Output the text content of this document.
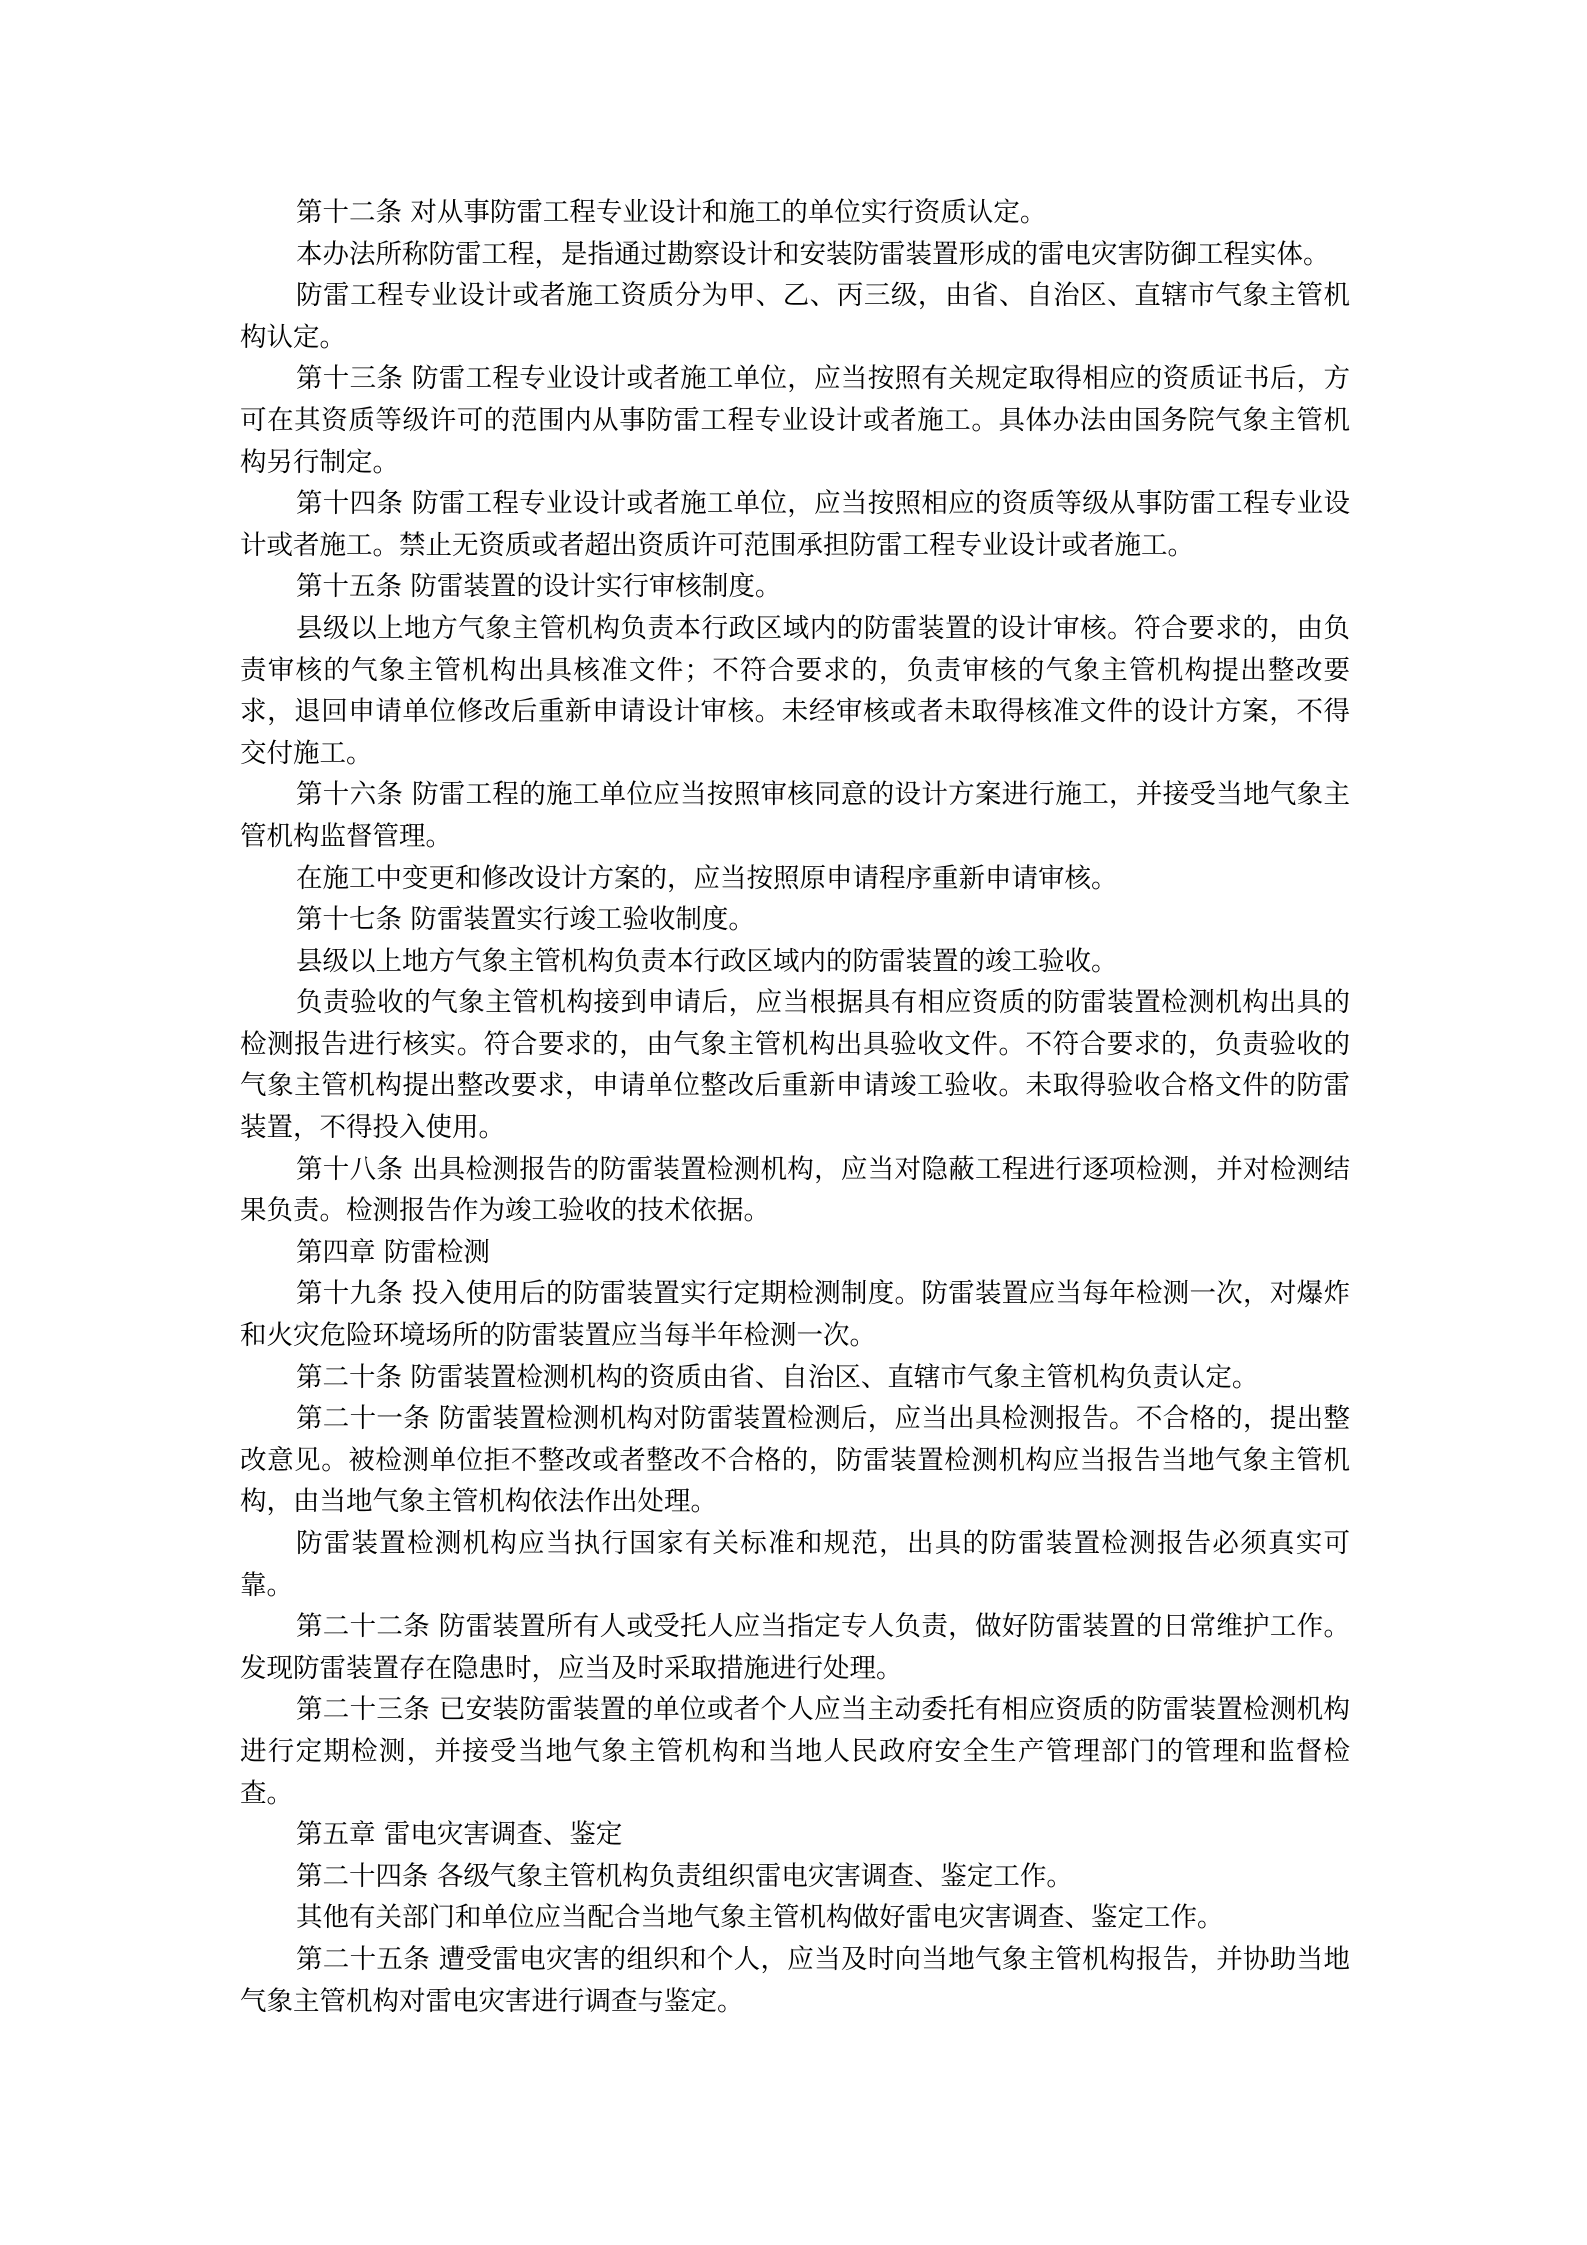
第十二条 对从事防雷工程专业设计和施工的单位实行资质认定。

本办法所称防雷工程，是指通过勘察设计和安装防雷装置形成的雷电灾害防御工程实体。

防雷工程专业设计或者施工资质分为甲、乙、丙三级，由省、自治区、直辖市气象主管机构认定。

第十三条 防雷工程专业设计或者施工单位，应当按照有关规定取得相应的资质证书后，方可在其资质等级许可的范围内从事防雷工程专业设计或者施工。具体办法由国务院气象主管机构另行制定。

第十四条 防雷工程专业设计或者施工单位，应当按照相应的资质等级从事防雷工程专业设计或者施工。禁止无资质或者超出资质许可范围承担防雷工程专业设计或者施工。

第十五条 防雷装置的设计实行审核制度。

县级以上地方气象主管机构负责本行政区域内的防雷装置的设计审核。符合要求的，由负责审核的气象主管机构出具核准文件；不符合要求的，负责审核的气象主管机构提出整改要求，退回申请单位修改后重新申请设计审核。未经审核或者未取得核准文件的设计方案，不得交付施工。

第十六条 防雷工程的施工单位应当按照审核同意的设计方案进行施工，并接受当地气象主管机构监督管理。

在施工中变更和修改设计方案的，应当按照原申请程序重新申请审核。

第十七条 防雷装置实行竣工验收制度。

县级以上地方气象主管机构负责本行政区域内的防雷装置的竣工验收。

负责验收的气象主管机构接到申请后，应当根据具有相应资质的防雷装置检测机构出具的检测报告进行核实。符合要求的，由气象主管机构出具验收文件。不符合要求的，负责验收的气象主管机构提出整改要求，申请单位整改后重新申请竣工验收。未取得验收合格文件的防雷装置，不得投入使用。

第十八条 出具检测报告的防雷装置检测机构，应当对隐蔽工程进行逐项检测，并对检测结果负责。检测报告作为竣工验收的技术依据。

第四章 防雷检测

第十九条 投入使用后的防雷装置实行定期检测制度。防雷装置应当每年检测一次，对爆炸和火灾危险环境场所的防雷装置应当每半年检测一次。

第二十条 防雷装置检测机构的资质由省、自治区、直辖市气象主管机构负责认定。

第二十一条 防雷装置检测机构对防雷装置检测后，应当出具检测报告。不合格的，提出整改意见。被检测单位拒不整改或者整改不合格的，防雷装置检测机构应当报告当地气象主管机构，由当地气象主管机构依法作出处理。

防雷装置检测机构应当执行国家有关标准和规范，出具的防雷装置检测报告必须真实可靠。

第二十二条 防雷装置所有人或受托人应当指定专人负责，做好防雷装置的日常维护工作。发现防雷装置存在隐患时，应当及时采取措施进行处理。

第二十三条 已安装防雷装置的单位或者个人应当主动委托有相应资质的防雷装置检测机构进行定期检测，并接受当地气象主管机构和当地人民政府安全生产管理部门的管理和监督检查。

第五章 雷电灾害调查、鉴定

第二十四条 各级气象主管机构负责组织雷电灾害调查、鉴定工作。

其他有关部门和单位应当配合当地气象主管机构做好雷电灾害调查、鉴定工作。

第二十五条 遭受雷电灾害的组织和个人，应当及时向当地气象主管机构报告，并协助当地气象主管机构对雷电灾害进行调查与鉴定。
